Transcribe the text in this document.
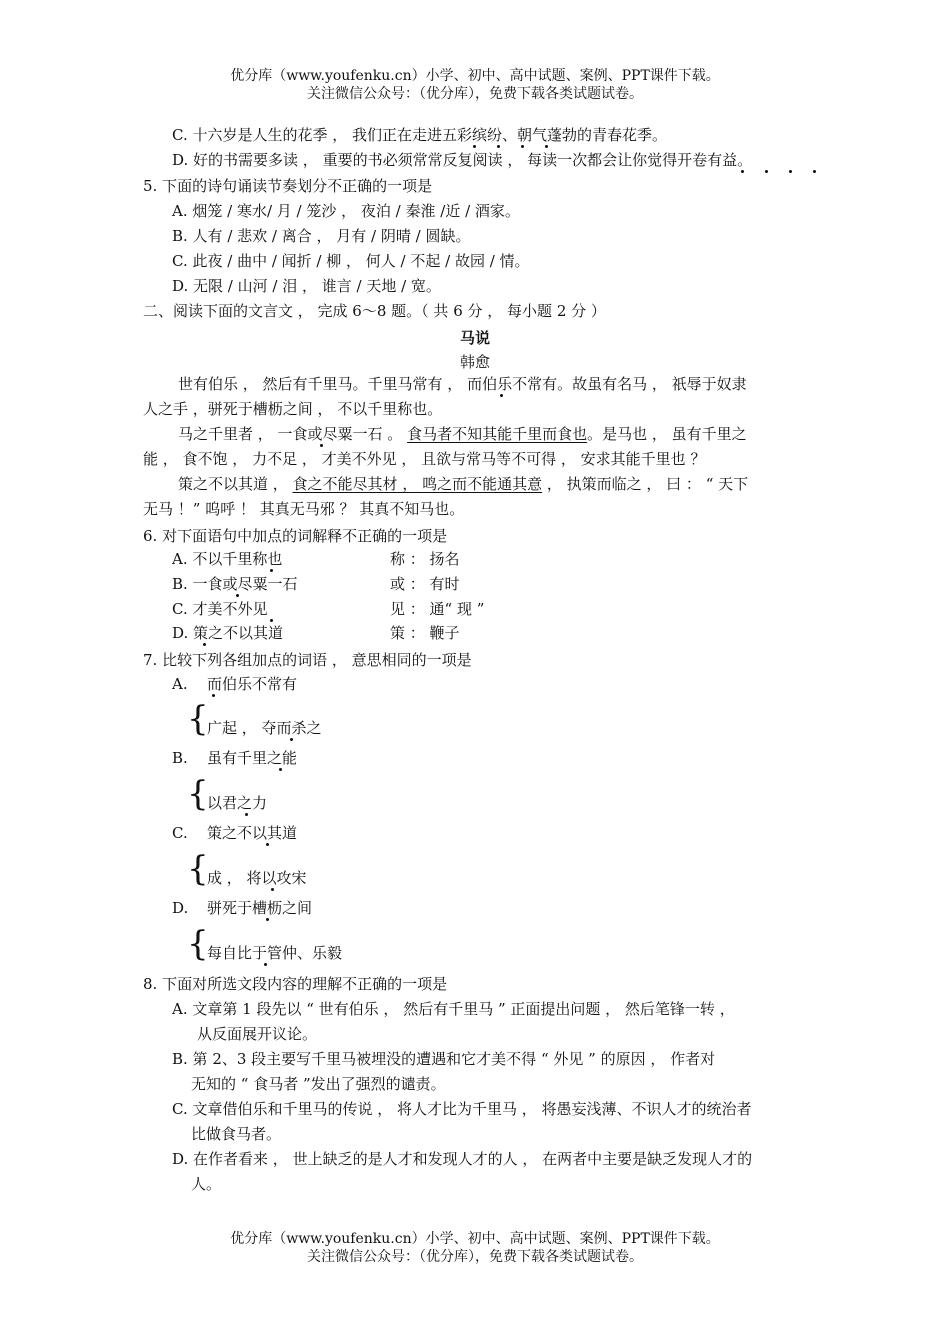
优分库（www.youfenku.cn）小学、初中、高中试题、案例、PPT课件下载。
关注微信公众号：（优分库），免费下载各类试题试卷。
C. 十六岁是人生的花季 ， 我们正在走进五彩缤纷、朝气蓬勃的青春花季。
D. 好的书需要多读 ， 重要的书必须常常反复阅读 ， 每读一次都会让你觉得开卷有益。
5. 下面的诗句诵读节奏划分不正确的一项是
A. 烟笼 / 寒水/ 月 / 笼沙 ， 夜泊 / 秦淮 /近 / 酒家。
B. 人有 / 悲欢 / 离合 ， 月有 / 阴晴 / 圆缺。
C. 此夜 / 曲中 / 闻折 / 柳 ， 何人 / 不起 / 故园 / 情。
D. 无限 / 山河 / 泪 ， 谁言 / 天地 / 宽。
二、阅读下面的文言文 ， 完成 6～8 题。（ 共 6 分 ， 每小题 2 分 ）
马说
韩愈
世有伯乐 ， 然后有千里马。千里马常有 ， 而伯乐不常有。故虽有名马 ， 祇辱于奴隶
人之手 ，骈死于槽枥之间 ， 不以千里称也。
马之千里者 ， 一食或尽粟一石 。 食马者不知其能千里而食也。是马也 ， 虽有千里之
能 ， 食不饱 ， 力不足 ， 才美不外见 ， 且欲与常马等不可得 ， 安求其能千里也 ？
策之不以其道 ， 食之不能尽其材 ， 鸣之而不能通其意 ， 执策而临之 ， 曰 ： “ 天下
无马 ！” 呜呼 ！ 其真无马邪 ？ 其真不知马也。
6. 对下面语句中加点的词解释不正确的一项是
A. 不以千里称也	称 ： 扬名
B. 一食或尽粟一石	或 ： 有时
C. 才美不外见	见 ： 通“ 现 ”
D. 策之不以其道	策 ： 鞭子
7. 比较下列各组加点的词语 ， 意思相同的一项是
A. 而伯乐不常有
{
广起 ， 夺而杀之
B. 虽有千里之能
{
以君之力
C. 策之不以其道
{
成 ， 将以攻宋
D. 骈死于槽枥之间
{
每自比于管仲、乐毅
8. 下面对所选文段内容的理解不正确的一项是
A. 文章第 1 段先以 “ 世有伯乐 ， 然后有千里马 ” 正面提出问题 ， 然后笔锋一转 ，
从反面展开议论。
B. 第 2、3 段主要写千里马被埋没的遭遇和它才美不得 “ 外见 ” 的原因 ， 作者对
无知的 “ 食马者 ”发出了强烈的谴责。
C. 文章借伯乐和千里马的传说 ， 将人才比为千里马 ， 将愚妄浅薄、不识人才的统治者
比做食马者。
D. 在作者看来 ， 世上缺乏的是人才和发现人才的人 ， 在两者中主要是缺乏发现人才的
人。
优分库（www.youfenku.cn）小学、初中、高中试题、案例、PPT课件下载。
关注微信公众号：（优分库），免费下载各类试题试卷。
